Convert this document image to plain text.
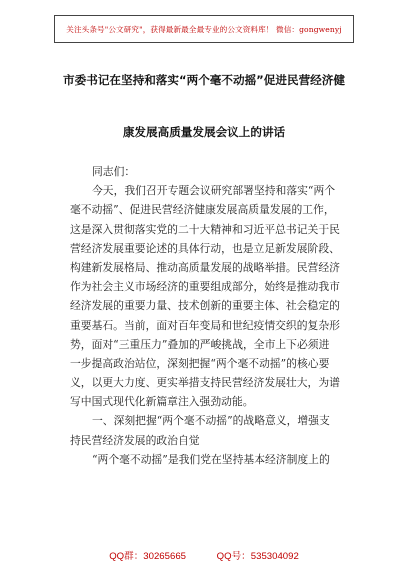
关注头条号"公文研究"，获得最新最全最专业的公文资料库！ 微信：gongwenyj
市委书记在坚持和落实“两个毫不动摇”促进民营经济健
康发展高质量发展会议上的讲话
同志们：
今天，我们召开专题会议研究部署坚持和落实“两个
毫不动摇”、促进民营经济健康发展高质量发展的工作，
这是深入贯彻落实党的二十大精神和习近平总书记关于民
营经济发展重要论述的具体行动，也是立足新发展阶段、
构建新发展格局、推动高质量发展的战略举措。民营经济
作为社会主义市场经济的重要组成部分，始终是推动我市
经济发展的重要力量、技术创新的重要主体、社会稳定的
重要基石。当前，面对百年变局和世纪疫情交织的复杂形
势，面对“三重压力”叠加的严峻挑战，全市上下必须进
一步提高政治站位，深刻把握“两个毫不动摇”的核心要
义，以更大力度、更实举措支持民营经济发展壮大，为谱
写中国式现代化新篇章注入强劲动能。
一、深刻把握“两个毫不动摇”的战略意义，增强支
持民营经济发展的政治自觉
“两个毫不动摇”是我们党在坚持基本经济制度上的
QQ群：30265665	QQ号：535304092
